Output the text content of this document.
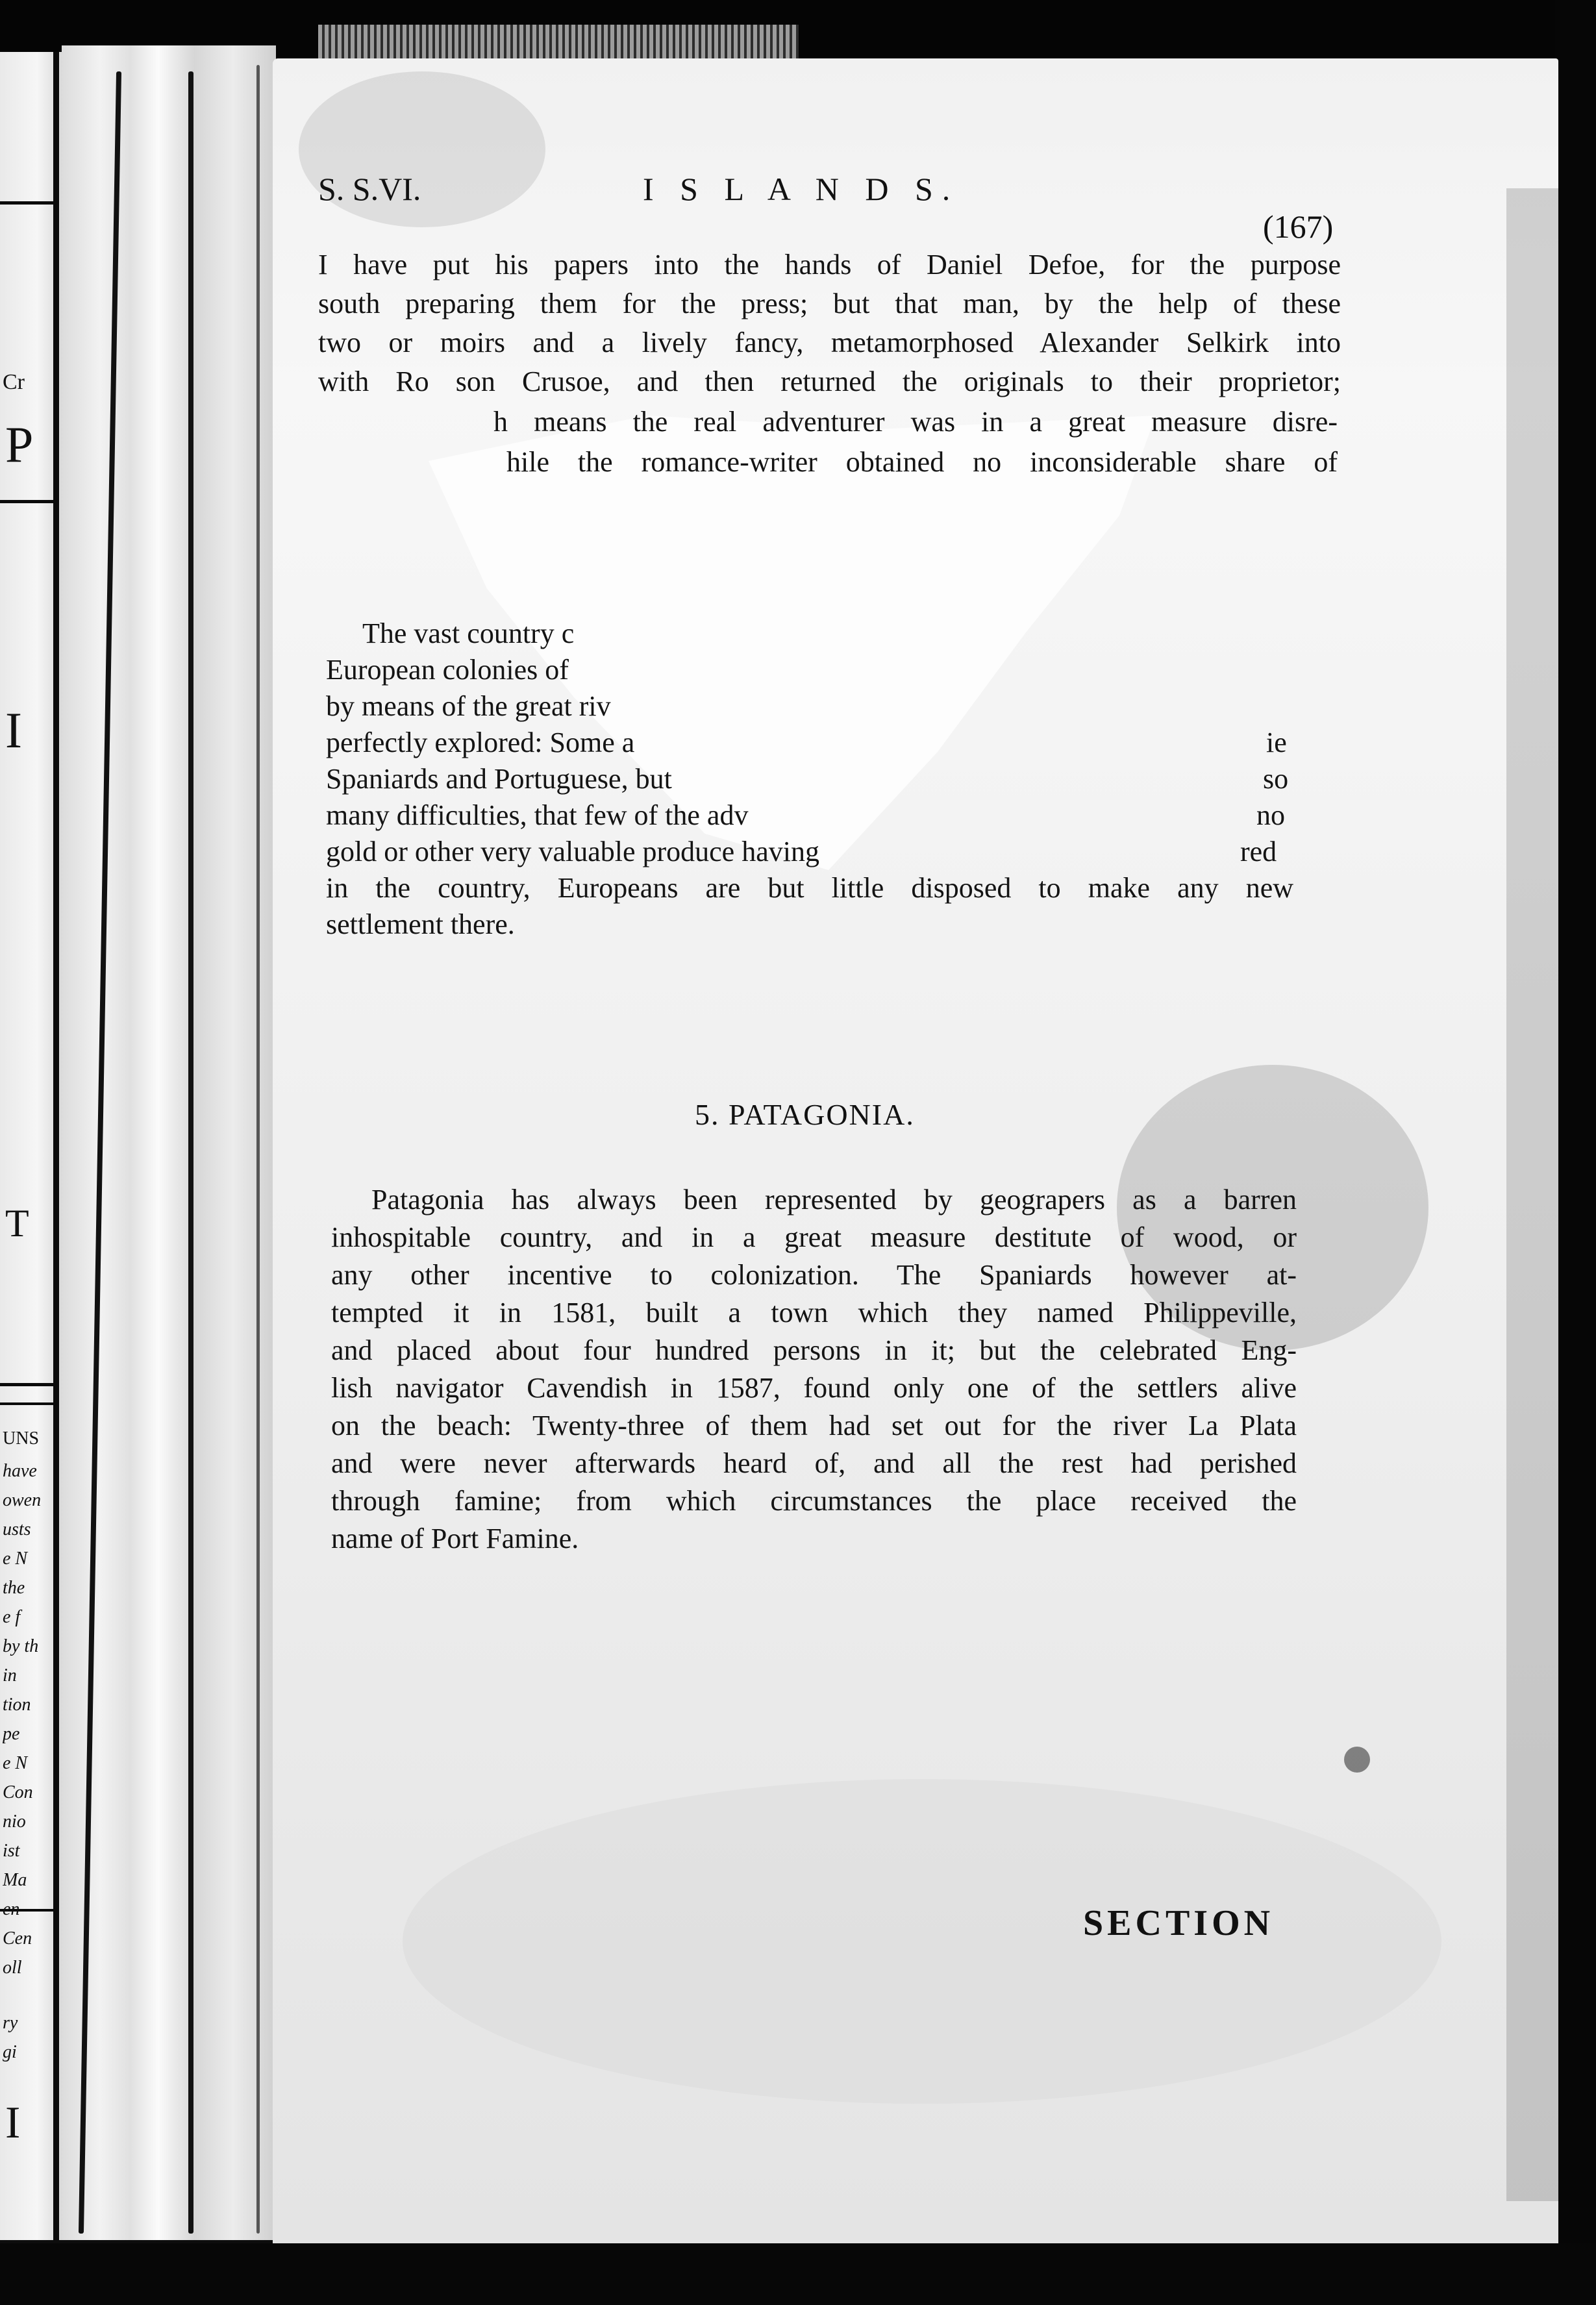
Cr
P
I
T
UNS
have
owen
usts
e N
the
e f
by th
in
tion
pe
e N
Con
nio
ist
Ma
en
Cen
oll
ry
gi
I
S. S.VI.	I S L A N D S.
(167)
I have put his papers into the hands of Daniel Defoe, for the purpose
south preparing them for the press; but that man, by the help of these
two or moirs and a lively fancy, metamorphosed Alexander Selkirk into
with Ro son Crusoe, and then returned the originals to their proprietor;
h means the real adventurer was in a great measure disre-
hile the romance-writer obtained no inconsiderable share of
The vast country c
European colonies of
by means of the great riv
perfectly explored: Some a
Spaniards and Portuguese, but
many difficulties, that few of the adv
gold or other very valuable produce having
in the country, Europeans are but little disposed to make any new
settlement there.
ie
so
no
red
5. PATAGONIA.
Patagonia has always been represented by geograpers as a barren
inhospitable country, and in a great measure destitute of wood, or
any other incentive to colonization. The Spaniards however at-
tempted it in 1581, built a town which they named Philippeville,
and placed about four hundred persons in it; but the celebrated Eng-
lish navigator Cavendish in 1587, found only one of the settlers alive
on the beach: Twenty-three of them had set out for the river La Plata
and were never afterwards heard of, and all the rest had perished
through famine; from which circumstances the place received the
name of Port Famine.
SECTION
